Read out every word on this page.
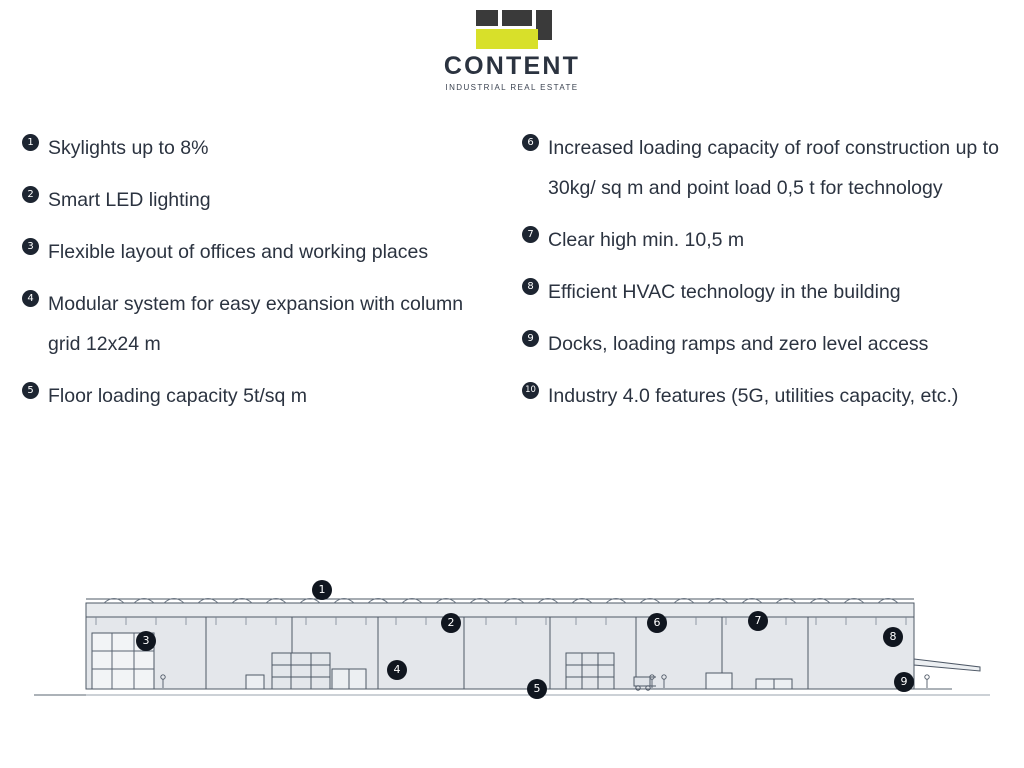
CONTENT
INDUSTRIAL REAL ESTATE
1 Skylights up to 8%
2 Smart LED lighting
3 Flexible layout of offices and working places
4 Modular system for easy expansion with column grid 12x24 m
5 Floor loading capacity 5t/sq m
6 Increased loading capacity of roof construction up to 30kg/ sq m and point load 0,5 t for technology
7 Clear high min. 10,5 m
8 Efficient HVAC technology in the building
9 Docks, loading ramps and zero level access
10 Industry 4.0 features (5G, utilities capacity, etc.)
1
2
3
4
5
6	7
8
9
